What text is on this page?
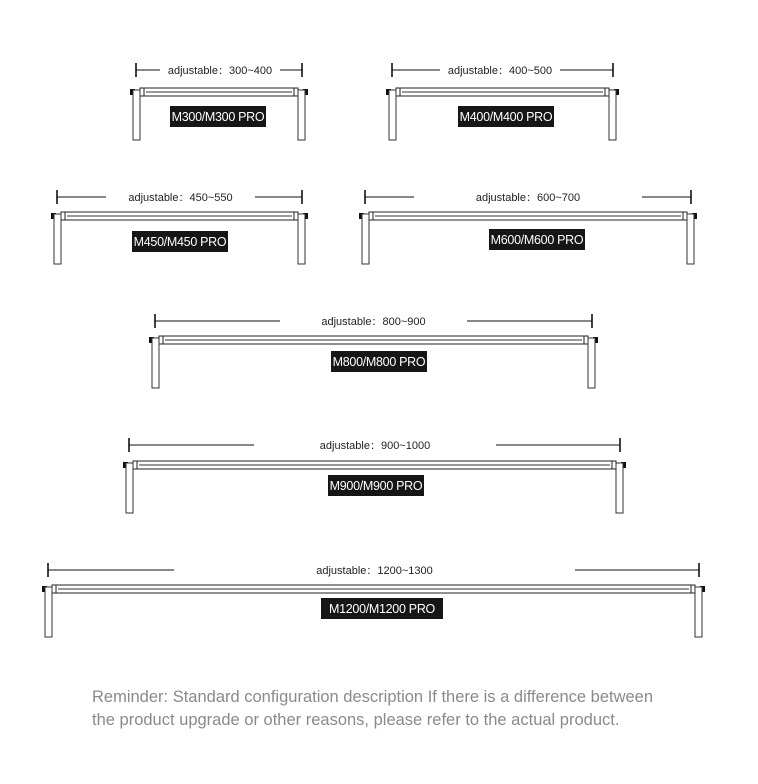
adjustable：300~400
M300/M300 PRO
adjustable：400~500
M400/M400 PRO
adjustable：450~550
M450/M450 PRO
adjustable：600~700
M600/M600 PRO
adjustable：800~900
M800/M800 PRO
adjustable：900~1000
M900/M900 PRO
adjustable：1200~1300
M1200/M1200 PRO

Reminder: Standard configuration description If there is a difference between the product upgrade or other reasons, please refer to the actual product.
